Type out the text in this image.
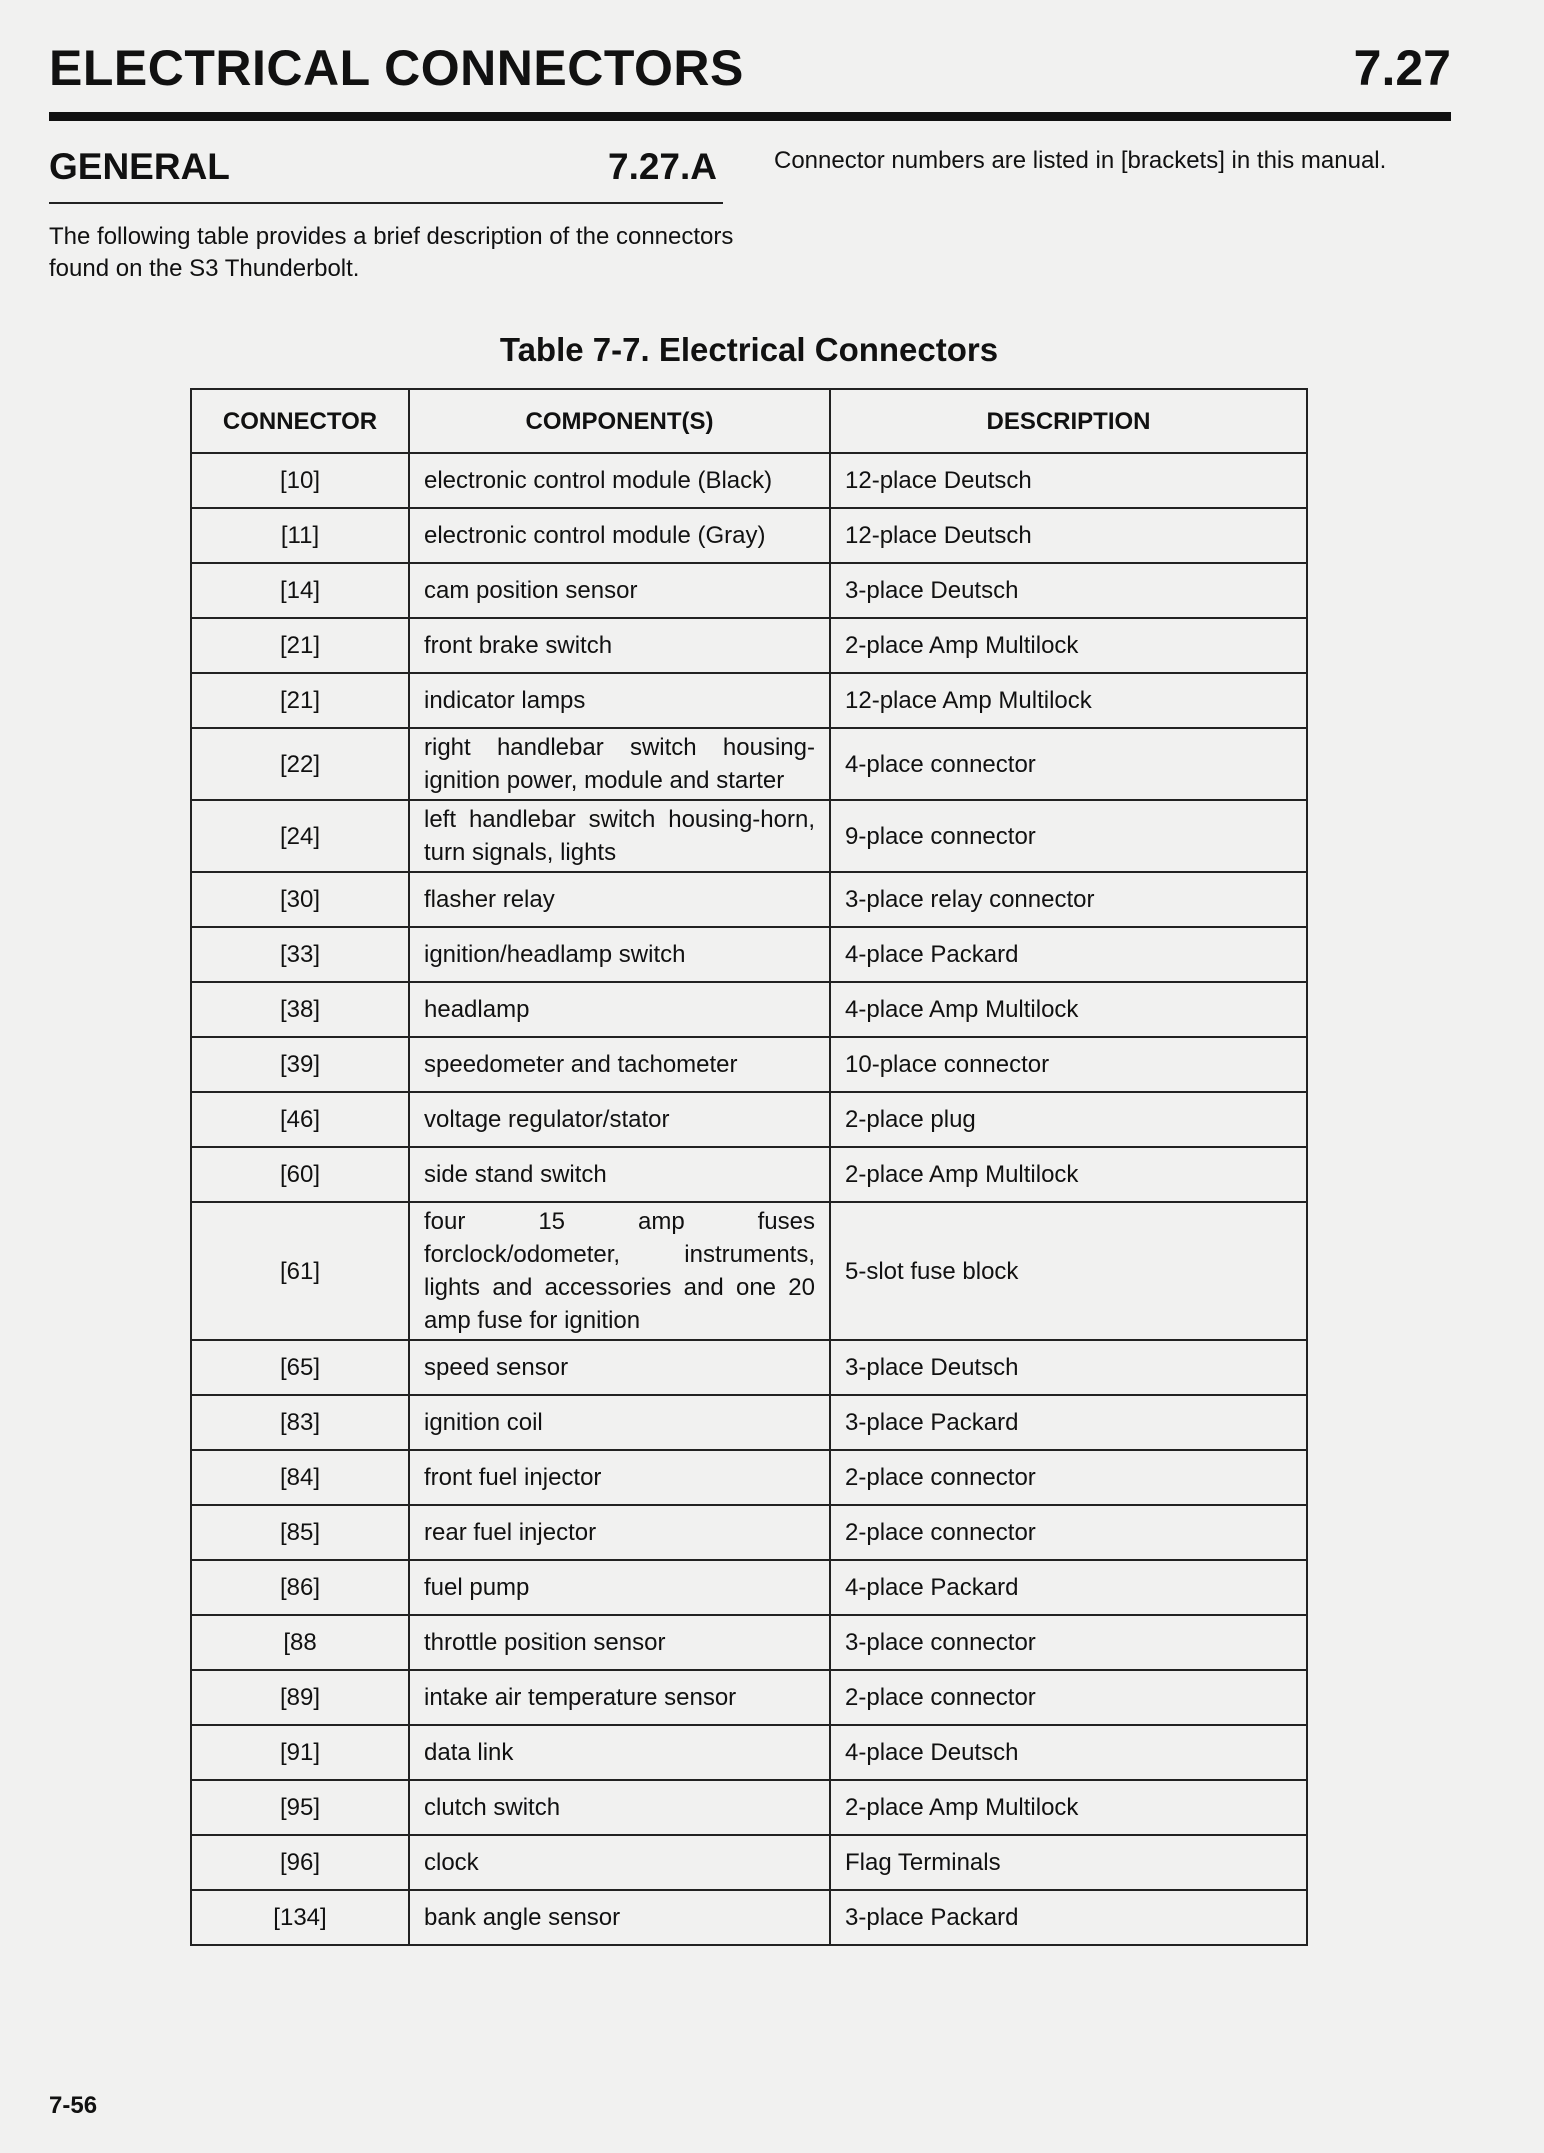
ELECTRICAL CONNECTORS	7.27
GENERAL	7.27.A Connector numbers are listed in [brackets] in this manual.
The following table provides a brief description of the connectors found on the S3 Thunderbolt.
Table 7-7. Electrical Connectors
CONNECTOR	COMPONENT(S)	DESCRIPTION
[10]	electronic control module (Black)	12-place Deutsch
[11]	electronic control module (Gray)	12-place Deutsch
[14]	cam position sensor	3-place Deutsch
[21]	front brake switch	2-place Amp Multilock
[21]	indicator lamps	12-place Amp Multilock
[22]	right handlebar switch housing-ignition power, module and starter	4-place connector
[24]	left handlebar switch housing-horn, turn signals, lights	9-place connector
[30]	flasher relay	3-place relay connector
[33]	ignition/headlamp switch	4-place Packard
[38]	headlamp	4-place Amp Multilock
[39]	speedometer and tachometer	10-place connector
[46]	voltage regulator/stator	2-place plug
[60]	side stand switch	2-place Amp Multilock
[61]	four 15 amp fuses forclock/odometer, instruments, lights and accessories and one 20 amp fuse for ignition	5-slot fuse block
[65]	speed sensor	3-place Deutsch
[83]	ignition coil	3-place Packard
[84]	front fuel injector	2-place connector
[85]	rear fuel injector	2-place connector
[86]	fuel pump	4-place Packard
[88	throttle position sensor	3-place connector
[89]	intake air temperature sensor	2-place connector
[91]	data link	4-place Deutsch
[95]	clutch switch	2-place Amp Multilock
[96]	clock	Flag Terminals
[134]	bank angle sensor	3-place Packard
7-56
